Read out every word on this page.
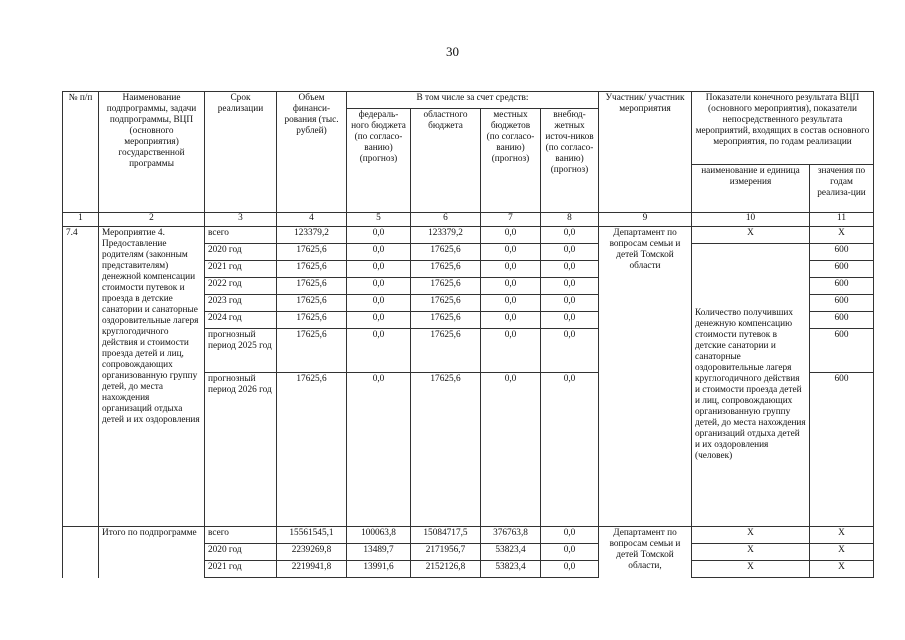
30
№ п/п	Наименование подпрограммы, задачи подпрограммы, ВЦП (основного мероприятия) государственной программы	Срок реализации	Объем финанси-рования (тыс. рублей)	В том числе за счет средств:				Участник/ участник мероприятия	Показатели конечного результата ВЦП (основного мероприятия), показатели непосредственного результата мероприятий, входящих в состав основного мероприятия, по годам реализации	
				федераль-ного бюджета (по согласо-ванию) (прогноз)	областного бюджета	местных бюджетов (по согласо-ванию) (прогноз)	внебюд-жетных источ-ников (по согласо-ванию) (прогноз)			
									наименование и единица измерения	значения по годам реализа-ции
1	2	3	4	5	6	7	8	9	10	11
7.4	Мероприятие 4. Предоставление родителям (законным представителям) денежной компенсации стоимости путевок и проезда в детские санатории и санаторные оздоровительные лагеря круглогодичного действия и стоимости проезда детей и лиц, сопровождающих организованную группу детей, до места нахождения организаций отдыха детей и их оздоровления	всего	123379,2	0,0	123379,2	0,0	0,0	Департамент по вопросам семьи и детей Томской области	Х	Х
		2020 год	17625,6	0,0	17625,6	0,0	0,0		Количество получивших денежную компенсацию стоимости путевок в детские санатории и санаторные оздоровительные лагеря круглогодичного действия и стоимости проезда детей и лиц, сопровождающих организованную группу детей, до места нахождения организаций отдыха детей и их оздоровления (человек)	600
		2021 год	17625,6	0,0	17625,6	0,0	0,0			600
		2022 год	17625,6	0,0	17625,6	0,0	0,0			600
		2023 год	17625,6	0,0	17625,6	0,0	0,0			600
		2024 год	17625,6	0,0	17625,6	0,0	0,0			600
		прогнозный период 2025 год	17625,6	0,0	17625,6	0,0	0,0			600
		прогнозный период 2026 год	17625,6	0,0	17625,6	0,0	0,0			600
	Итого по подпрограмме	всего	15561545,1	100063,8	15084717,5	376763,8	0,0	Департамент по вопросам семьи и детей Томской области,	Х	Х
		2020 год	2239269,8	13489,7	2171956,7	53823,4	0,0		Х	Х
		2021 год	2219941,8	13991,6	2152126,8	53823,4	0,0		Х	Х
